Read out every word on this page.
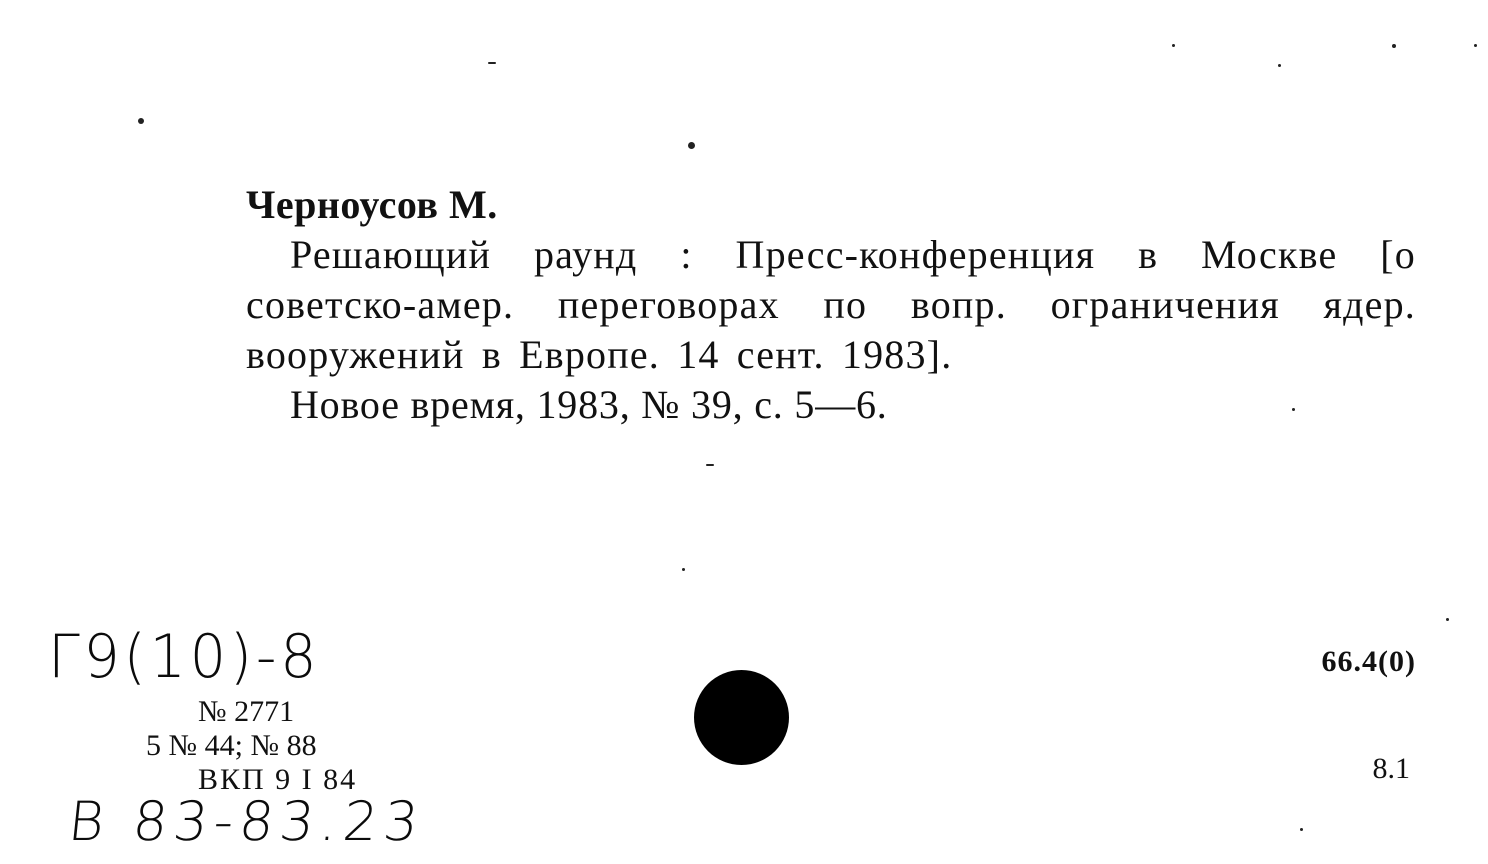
Черноусов М.

Решающий раунд : Пресс-конференция в Москве [о советско-амер. переговорах по вопр. ограничения ядер. вооружений в Европе. 14 сент. 1983].

Новое время, 1983, № 39, с. 5—6.

Г9(10)-8
№ 2771
5 № 44; № 88
ВКП 9 I 84
В 83-83.23
66.4(0)
8.1
